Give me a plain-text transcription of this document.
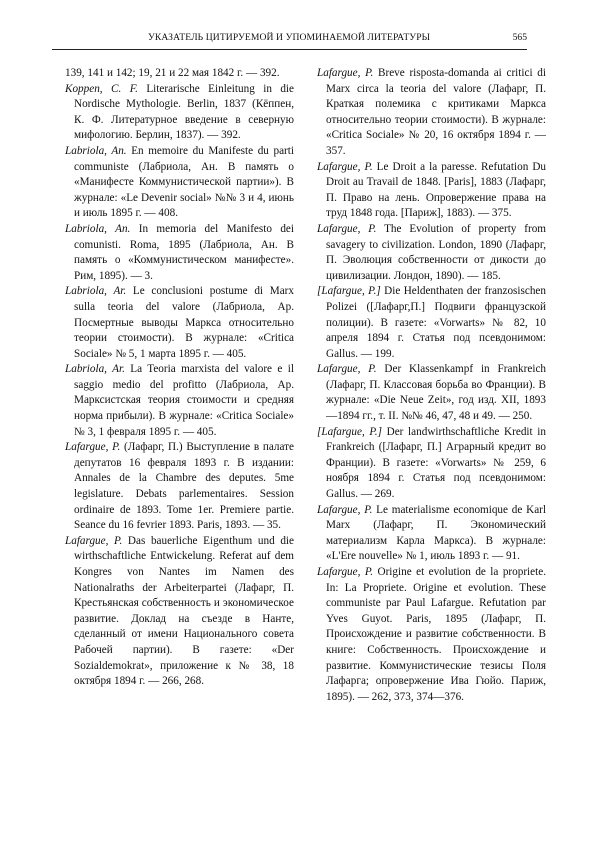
УКАЗАТЕЛЬ ЦИТИРУЕМОЙ И УПОМИНАЕМОЙ ЛИТЕРАТУРЫ	565

139, 141 и 142; 19, 21 и 22 мая 1842 г. — 392.

Koppen, C. F. Literarische Einleitung in die Nordische Mythologie. Berlin, 1837 (Кёппен, К. Ф. Литературное введение в северную мифологию. Берлин, 1837). — 392.

Labriola, An. En memoire du Manifeste du parti communiste (Лабриола, Ан. В память о «Манифесте Коммунистической партии»). В журнале: «Le Devenir social» №№ 3 и 4, июнь и июль 1895 г. — 408.

Labriola, An. In memoria del Manifesto dei comunisti. Roma, 1895 (Лабриола, Ан. В память о «Коммунистическом манифесте». Рим, 1895). — 3.

Labriola, Ar. Le conclusioni postume di Marx sulla teoria del valore (Лабриола, Ар. Посмертные выводы Маркса относительно теории стоимости). В журнале: «Critica Sociale» № 5, 1 марта 1895 г. — 405.

Labriola, Ar. La Teoria marxista del valore e il saggio medio del profitto (Лабриола, Ар. Марксистская теория стоимости и средняя норма прибыли). В журнале: «Critica Sociale» № 3, 1 февраля 1895 г. — 405.

Lafargue, P. (Лафарг, П.) Выступление в палате депутатов 16 февраля 1893 г. В издании: Annales de la Chambre des deputes. 5me legislature. Debats parlementaires. Session ordinaire de 1893. Tome 1er. Premiere partie. Seance du 16 fevrier 1893. Paris, 1893. — 35.

Lafargue, P. Das bauerliche Eigenthum und die wirthschaftliche Entwickelung. Referat auf dem Kongres von Nantes im Namen des Nationalraths der Arbeiterpartei (Лафарг, П. Крестьянская собственность и экономическое развитие. Доклад на съезде в Нанте, сделанный от имени Национального совета Рабочей партии). В газете: «Der Sozialdemokrat», приложение к № 38, 18 октября 1894 г. — 266, 268.

Lafargue, P. Breve risposta-domanda ai critici di Marx circa la teoria del valore (Лафарг, П. Краткая полемика с критиками Маркса относительно теории стоимости). В журнале: «Critica Sociale» № 20, 16 октября 1894 г. — 357.

Lafargue, P. Le Droit a la paresse. Refutation Du Droit au Travail de 1848. [Paris], 1883 (Лафарг, П. Право на лень. Опровержение права на труд 1848 года. [Париж], 1883). — 375.

Lafargue, P. The Evolution of property from savagery to civilization. London, 1890 (Лафарг, П. Эволюция собственности от дикости до цивилизации. Лондон, 1890). — 185.

[Lafargue, P.] Die Heldenthaten der franzosischen Polizei ([Лафарг,П.] Подвиги французской полиции). В газете: «Vorwarts» № 82, 10 апреля 1894 г. Статья под псевдонимом: Gallus. — 199.

Lafargue, P. Der Klassenkampf in Frankreich (Лафарг, П. Классовая борьба во Франции). В журнале: «Die Neue Zeit», год изд. XII, 1893—1894 гг., т. II. №№ 46, 47, 48 и 49. — 250.

[Lafargue, P.] Der landwirthschaftliche Kredit in Frankreich ([Лафарг, П.] Аграрный кредит во Франции). В газете: «Vorwarts» № 259, 6 ноября 1894 г. Статья под псевдонимом: Gallus. — 269.

Lafargue, P. Le materialisme economique de Karl Marx (Лафарг, П. Экономический материализм Карла Маркса). В журнале: «L'Ere nouvelle» № 1, июль 1893 г. — 91.

Lafargue, P. Origine et evolution de la propriete. In: La Propriete. Origine et evolution. These communiste par Paul Lafargue. Refutation par Yves Guyot. Paris, 1895 (Лафарг, П. Происхождение и развитие собственности. В книге: Собственность. Происхождение и развитие. Коммунистические тезисы Поля Лафарга; опровержение Ива Гюйо. Париж, 1895). — 262, 373, 374—376.
